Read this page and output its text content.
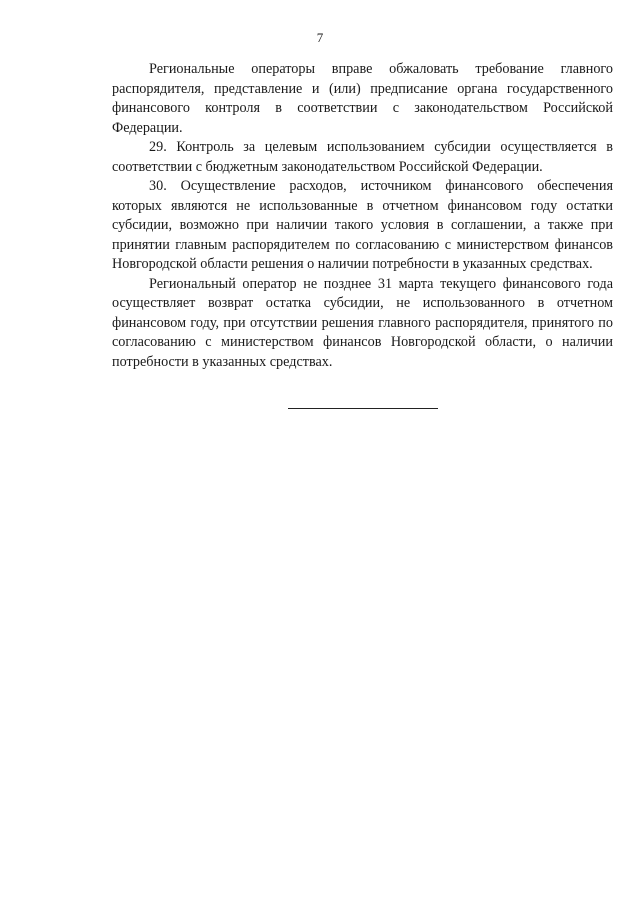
7

Региональные операторы вправе обжаловать требование главного распорядителя, представление и (или) предписание органа государственного финансового контроля в соответствии с законодательством Российской Федерации.

29. Контроль за целевым использованием субсидии осуществляется в соответствии с бюджетным законодательством Российской Федерации.

30. Осуществление расходов, источником финансового обеспечения которых являются не использованные в отчетном финансовом году остатки субсидии, возможно при наличии такого условия в соглашении, а также при принятии главным распорядителем по согласованию с министерством финансов Новгородской области решения о наличии потребности в указанных средствах.

Региональный оператор не позднее 31 марта текущего финансового года осуществляет возврат остатка субсидии, не использованного в отчетном финансовом году, при отсутствии решения главного распорядителя, принятого по согласованию с министерством финансов Новгородской области, о наличии потребности в указанных средствах.
